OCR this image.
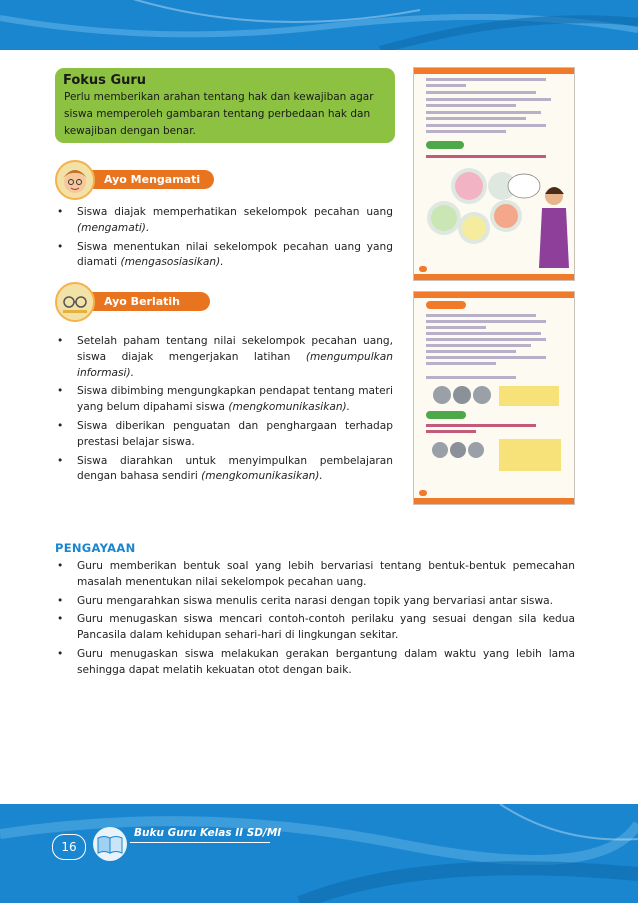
Fokus Guru
Perlu memberikan arahan tentang hak dan kewajiban agar siswa memperoleh gambaran tentang perbedaan hak dan kewajiban dengan benar.
Ayo Mengamati
• Siswa diajak memperhatikan sekelompok pecahan uang (mengamati).
• Siswa menentukan nilai sekelompok pecahan uang yang diamati (mengasosiasikan).
Ayo Berlatih
• Setelah paham tentang nilai sekelompok pecahan uang, siswa diajak mengerjakan latihan (mengumpulkan informasi).
• Siswa dibimbing mengungkapkan pendapat tentang materi yang belum dipahami siswa (mengkomunikasikan).
• Siswa diberikan penguatan dan penghargaan terhadap prestasi belajar siswa.
• Siswa diarahkan untuk menyimpulkan pembelajaran dengan bahasa sendiri (mengkomunikasikan).
PENGAYAAN
• Guru memberikan bentuk soal yang lebih bervariasi tentang bentuk-bentuk pemecahan masalah menentukan nilai sekelompok pecahan uang.
• Guru mengarahkan siswa menulis cerita narasi dengan topik yang bervariasi antar siswa.
• Guru menugaskan siswa mencari contoh-contoh perilaku yang sesuai dengan sila kedua Pancasila dalam kehidupan sehari-hari di lingkungan sekitar.
• Guru menugaskan siswa melakukan gerakan bergantung dalam waktu yang lebih lama sehingga dapat melatih kekuatan otot dengan baik.
16
Buku Guru Kelas II SD/MI
